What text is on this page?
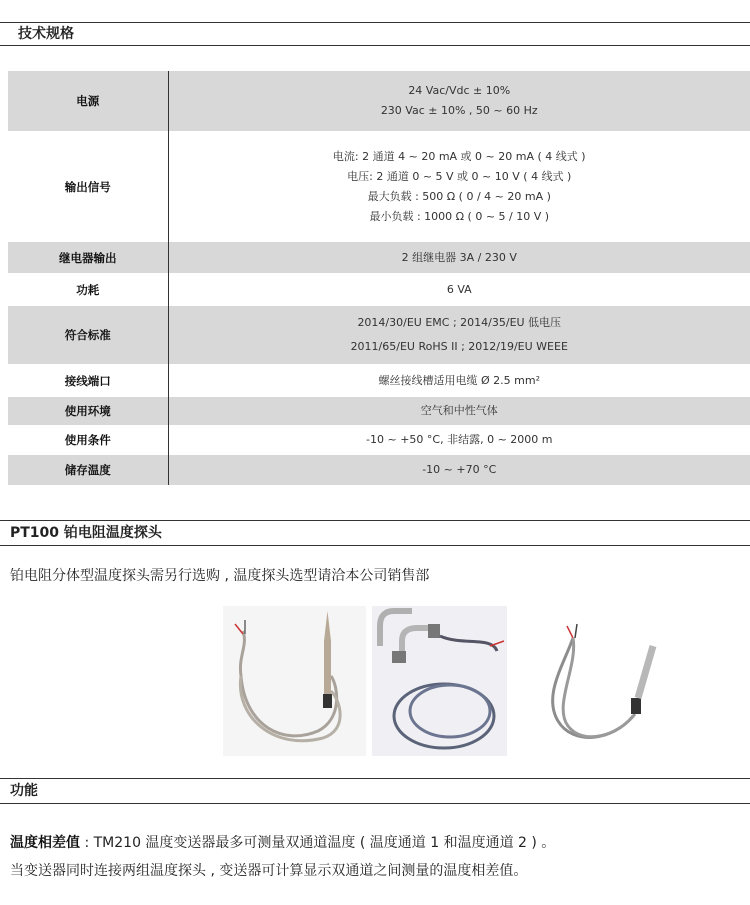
技术规格
电源	24 Vac/Vdc ± 10%
230 Vac ± 10% , 50 ~ 60 Hz

输出信号	电流: 2 通道 4 ~ 20 mA 或 0 ~ 20 mA ( 4 线式 )
电压: 2 通道 0 ~ 5 V 或 0 ~ 10 V ( 4 线式 )
最大负载 : 500 Ω ( 0 / 4 ~ 20 mA )
最小负载 : 1000 Ω ( 0 ~ 5 / 10 V )

继电器输出	2 组继电器 3A / 230 V
功耗	6 VA
符合标准	2014/30/EU EMC ; 2014/35/EU 低电压
2011/65/EU RoHS II ; 2012/19/EU WEEE

接线端口	螺丝接线槽适用电缆 Ø 2.5 mm²
使用环境	空气和中性气体
使用条件	-10 ~ +50 °C, 非结露, 0 ~ 2000 m
储存温度	-10 ~ +70 °C
PT100 铂电阻温度探头
铂电阻分体型温度探头需另行选购 , 温度探头选型请洽本公司销售部
功能
温度相差值 : TM210 温度变送器最多可测量双通道温度 ( 温度通道 1 和温度通道 2 ) 。
当变送器同时连接两组温度探头 , 变送器可计算显示双通道之间测量的温度相差值。
